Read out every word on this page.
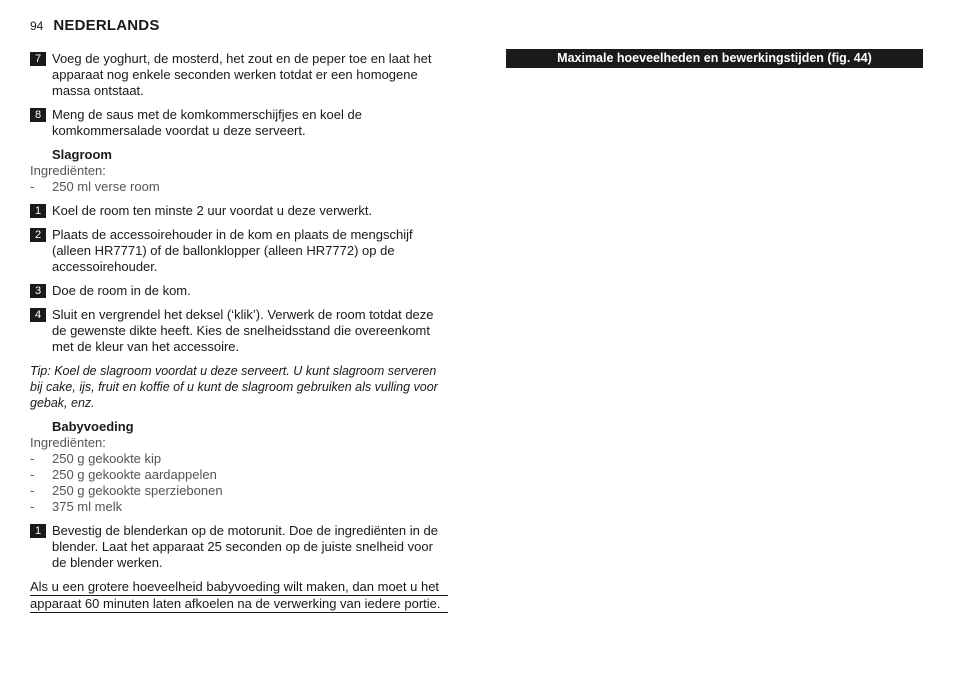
94 NEDERLANDS
7 Voeg de yoghurt, de mosterd, het zout en de peper toe en laat het apparaat nog enkele seconden werken totdat er een homogene massa ontstaat.
8 Meng de saus met de komkommerschijfjes en koel de komkommersalade voordat u deze serveert.
Slagroom
Ingrediënten:
-	250 ml verse room
1 Koel de room ten minste 2 uur voordat u deze verwerkt.
2 Plaats de accessoirehouder in de kom en plaats de mengschijf (alleen HR7771) of de ballonklopper (alleen HR7772) op de accessoirehouder.
3 Doe de room in de kom.
4 Sluit en vergrendel het deksel (‘klik’). Verwerk de room totdat deze de gewenste dikte heeft. Kies de snelheidsstand die overeenkomt met de kleur van het accessoire.
Tip: Koel de slagroom voordat u deze serveert. U kunt slagroom serveren bij cake, ijs, fruit en koffie of u kunt de slagroom gebruiken als vulling voor gebak, enz.
Babyvoeding
Ingrediënten:
-	250 g gekookte kip
-	250 g gekookte aardappelen
-	250 g gekookte sperziebonen
-	375 ml melk
1 Bevestig de blenderkan op de motorunit. Doe de ingrediënten in de blender. Laat het apparaat 25 seconden op de juiste snelheid voor de blender werken.
Als u een grotere hoeveelheid babyvoeding wilt maken, dan moet u het
apparaat 60 minuten laten afkoelen na de verwerking van iedere portie.
Maximale hoeveelheden en bewerkingstijden (fig. 44)
